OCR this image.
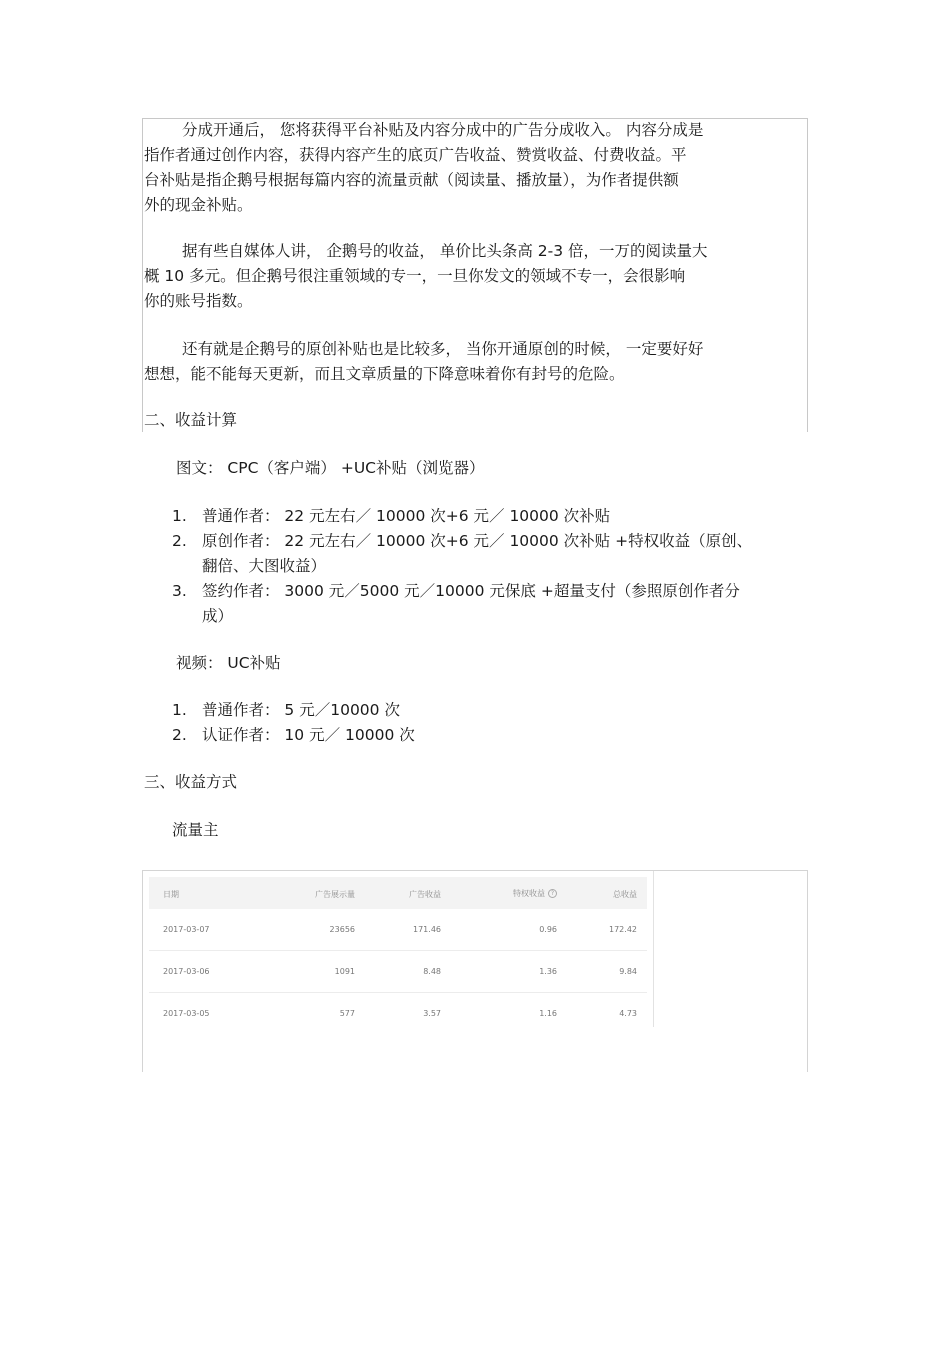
分成开通后， 您将获得平台补贴及内容分成中的广告分成收入。 内容分成是
指作者通过创作内容，获得内容产生的底页广告收益、赞赏收益、付费收益。平
台补贴是指企鹅号根据每篇内容的流量贡献（阅读量、播放量），为作者提供额
外的现金补贴。
据有些自媒体人讲， 企鹅号的收益， 单价比头条高 2-3 倍，一万的阅读量大
概 10 多元。但企鹅号很注重领域的专一，一旦你发文的领域不专一，会很影响
你的账号指数。
还有就是企鹅号的原创补贴也是比较多， 当你开通原创的时候， 一定要好好
想想，能不能每天更新，而且文章质量的下降意味着你有封号的危险。
二、收益计算
图文： CPC（客户端） +UC补贴（浏览器）
1. 普通作者： 22 元左右／ 10000 次+6 元／ 10000 次补贴
2. 原创作者： 22 元左右／ 10000 次+6 元／ 10000 次补贴 +特权收益（原创、
翻倍、大图收益）
3. 签约作者： 3000 元／5000 元／10000 元保底 +超量支付（参照原创作者分
成）
视频： UC补贴
1. 普通作者： 5 元／10000 次
2. 认证作者： 10 元／ 10000 次
三、收益方式
流量主
日期	广告展示量	广告收益	特权收益 ?	总收益
2017-03-07	23656	171.46	0.96	172.42
2017-03-06	1091	8.48	1.36	9.84
2017-03-05	577	3.57	1.16	4.73
